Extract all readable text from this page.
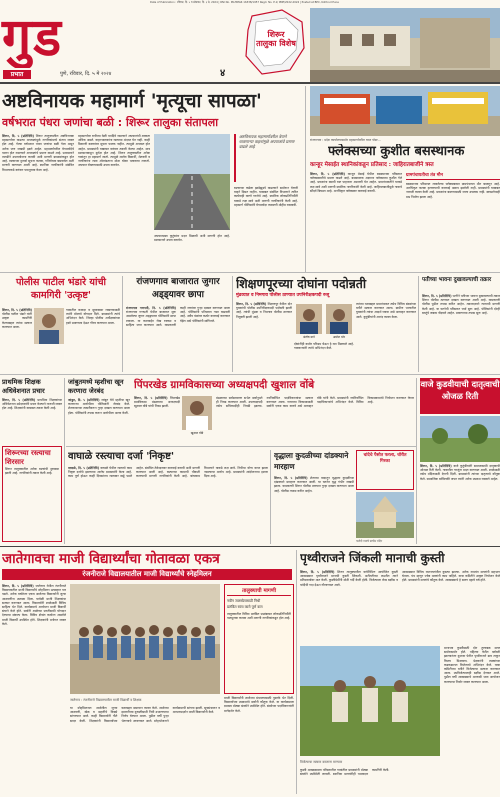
Date of Publication : रविवार, दि. ५ व सोमवार, दि. ६ मे, 2024 | RNI No. MAHMAR 16338/1957 Regd. No. P-1/ PNE/2022-2024 | Posted at BPC, Kothrud Pune
गुड
प्रभात	पुणे, रविवार, दि. ५ मे २०२४	४
शिरूर तालुका विशेष
अष्टविनायक महामार्ग 'मृत्यूचा सापळा'
वर्षभरात पंधरा जणांचा बळी : शिरूर तालुका संतापला
शिरूर, दि. ५ (प्रतिनिधि) शिरूर तालुक्यातील अष्टविनायक महामार्गावर वाढत्या अपघातांमुळे नागरिकांमध्ये संताप व्यक्त होत आहे. गेल्या वर्षभरात पंधरा जणांचा बळी गेला असून अनेक जण जखमी झाले आहेत. महामार्गावरील वेगमर्यादेचे पालन होत नसल्याने अपघातांचे प्रमाण वाढले आहे. प्रशासनाने तातडीने उपाययोजना करावी अशी मागणी ग्रामस्थांकडून होत आहे. रस्त्याच्या दुतर्फा सूचना फलक, गतिरोधक बसवावेत अशी मागणी करण्यात आली आहे. स्थानिक नागरिकांनी संबंधित विभागाकडे वारंवार पाठपुरावा केला आहे.
महामार्गावर रात्रीच्या वेळी पथदिवे नसल्याने अपघातांची शक्यता अधिक असते. वाहनचालकांना रस्त्याचा अंदाज येत नाही. काही ठिकाणी वळणांवर सूचना फलक नाहीत. त्यामुळे अपघात होत आहेत. ग्रामस्थांनी याबाबत वारंवार तक्रारी केल्या आहेत. मात्र प्रशासनाकडून दुर्लक्ष होत आहे. शिरूर तालुक्यातील अनेक गावांतून हा महामार्ग जातो. त्यामुळे शालेय विद्यार्थी, शेतकरी व नागरिकांना रस्ता ओलांडताना मोठा धोका पत्करावा लागतो. अपघात रोखण्यासाठी उपाय करावेत.
अष्टविनायक महामार्गावरील वेगाने धावणाऱ्या वाहनांमुळे अपघातांचे प्रमाण वाढले आहे
रस्त्याच्या कडेला झाडेझुडपे वाढल्याने समोरून येणारी वाहने दिसत नाहीत. याबाबत संबंधित विभागाने त्वरित कार्यवाही करणे गरजेचे आहे. स्थानिक लोकप्रतिनिधींनी याकडे लक्ष द्यावे अशी मागणी नागरिकांनी केली आहे. महामार्ग पोलिसांनी वेगमर्यादा तपासणी मोहीम राबवावी.
अपघातग्रस्त कुटुंबांना मदत मिळावी अशी मागणी होत आहे. प्रशासनाने उपाय करावेत.
रांजणगाव : प्रदेश कार्यालयासमोर महामार्गावरील ध्वज पोस्ट...
फ्लेक्सच्या कुशीत बसस्थानक
कान्हूर मेसाईत स्थानिकांकडून प्रतिसाद : जाहिरातबाजीने त्रस्त
शिरूर, दि. ५ (प्रतिनिधि) कान्हूर मेसाई येथील बसस्थानक परिसरात फ्लेक्सबाजीचे प्रमाण वाढले आहे. बसस्थानक अक्षरशः फ्लेक्सच्या कुशीत गेले आहे. प्रवाशांना बसची वाट पाहताना अडचणी येत आहेत. ग्रामपंचायतीने याकडे लक्ष द्यावे अशी मागणी स्थानिक नागरिकांनी केली आहे. जाहिरातबाजीमुळे गावाचे सौंदर्य बिघडत आहे. अनधिकृत फ्लेक्सवर कारवाई करावी.
ग्रामपंचायतीचा तंत्र मौन
बसस्थानक परिसरात लावलेल्या फ्लेक्सबाबत ग्रामपंचायत मौन बाळगून आहे. अनधिकृत फलक हटवण्याची कारवाई अद्याप झालेली नाही. ग्रामस्थांनी याबाबत नाराजी व्यक्त केली आहे. प्रवाशांना बसण्यासाठी जागा उपलब्ध नाही. स्वच्छतेचाही प्रश्न निर्माण झाला आहे.
पोलीस पाटील भंडारे यांची कामगिरी 'उत्कृष्ट'
शिरूर, दि. ५ (प्रतिनिधि) पोलीस पाटील भंडारे यांनी उत्कृष्ट कामगिरी केल्याबद्दल त्यांचा सत्कार करण्यात आला.
गावातील कायदा व सुव्यवस्था राखण्यासाठी त्यांनी मोलाचे योगदान दिले. ग्रामस्थांनी त्यांचे अभिनंदन केले. जिल्हा पोलीस अधीक्षकांच्या हस्ते प्रमाणपत्र देऊन गौरव करण्यात आला.
रांजणगाव बाजारात जुगार अड्ड्यावर छापा
रांजणगाव गणपती, दि. ५ (प्रतिनिधि) रांजणगाव गणपती येथील बाजारात सुरू असलेल्या जुगार अड्ड्यावर पोलिसांनी छापा टाकला. या कारवाईत रोख रक्कम व साहित्य जप्त करण्यात आले. याप्रकरणी काही जणांवर गुन्हा दाखल करण्यात आला आहे. पोलिसांनी परिसरात गस्त वाढवली आहे. अवैध धंद्यांवर कठोर कारवाई करण्यात येईल असे पोलिसांनी सांगितले.
शिक्षणपूरच्या दोघांना पदोन्नती
मुंढव्यात व निमगाव पोलीस ठाण्यात उपनिरीक्षकपदी रुजू
शिरूर, दि. ५ (प्रतिनिधि) शिक्षणपूर येथील दोन युवकांची पोलीस उपनिरीक्षकपदी पदोन्नती झाली आहे. त्यांची मुंढवा व निमगाव पोलीस ठाण्यात नियुक्ती झाली आहे.
संतोष माने	अमोल भोर
दोघांनीही कठोर परिश्रम घेऊन हे यश मिळवले आहे. गावकऱ्यांनी त्यांचे अभिनंदन केले.
त्यांच्या यशाबद्दल ग्रामपंचायत तसेच विविध संस्थांच्या वतीने सत्कार करण्यात आला. ग्रामीण भागातील युवकांनी त्यांचा आदर्श घ्यावा असे आवाहन करण्यात आले. कुटुंबीयांनी आनंद व्यक्त केला.
पतीच्या भावना दुखावल्याची तक्रार
शिरूर, दि. ५ (प्रतिनिधि) पत्नीने पतीच्या भावना दुखावल्याची तक्रार शिरूर पोलीस ठाण्यात दाखल करण्यात आली आहे. याप्रकरणी पोलीस पुढील तपास करीत आहेत. तक्रारदाराने न्यायाची मागणी केली आहे. या घटनेची परिसरात चर्चा सुरू आहे. पोलिसांनी दोन्ही बाजूंचे जबाब नोंदवले आहेत. प्रकरणाचा तपास सुरू आहे.
प्राथमिक शिक्षक अधिवेशनात प्रचार
शिरूर, दि. ५ (प्रतिनिधि) प्राथमिक शिक्षकांच्या अधिवेशनात उमेदवारांनी प्रचार केल्याने नाराजी व्यक्त होत आहे. शिक्षकांनी याबाबत तक्रार केली आहे.
शिरूरच्या रस्त्याचा शिरसार
शिरूर तालुक्यातील अनेक रस्त्यांची दुरवस्था झाली आहे. नागरिकांनी तक्रार केली आहे.
जांबुतमध्ये म्हशीचा खून करणारा जेरबंद
जांबुत, दि. ५ (प्रतिनिधि) जांबुत येथे म्हशीचा खून करणाऱ्या आरोपीला पोलिसांनी जेरबंद केले. शेतकऱ्याच्या तक्रारीवरून गुन्हा दाखल करण्यात आला होता. पोलिसांनी तपास करून आरोपीला अटक केली.
पिंपरखेड ग्रामविकासच्या अध्यक्षपदी खुशाल वोंबे
शिरूर, दि. ५ (प्रतिनिधि) पिंपरखेड ग्रामविकास मंडळाच्या अध्यक्षपदी खुशाल वोंबे यांची निवड झाली.
खुशाल वोंबे
मंडळाच्या सर्वसाधारण सभेत सर्वानुमते ही निवड करण्यात आली. उपाध्यक्षपदी तसेच सचिवपदीही निवडी झाल्या. नवनिर्वाचित पदाधिकाऱ्यांचा सत्कार करण्यात आला. गावाच्या विकासासाठी सर्वांनी एकत्र काम करावे असे आवाहन वोंबे यांनी केले. ग्रामस्थांनी नवनिर्वाचित पदाधिकाऱ्यांचे अभिनंदन केले. विविध विकासकामांचे नियोजन करण्यात येणार आहे.
वाजे कुडवीयाची दातृत्वाची ओजळ रिती
शिरूर, दि. ५ (प्रतिनिधि) वाजे कुटुंबीयांनी समाजासाठी दातृत्वाची ओजळ रिती केली. गावातील गरजूंना मदत करण्यात आली. शाळेसाठी तसेच मंदिरासाठी देणगी दिली. ग्रामस्थांनी त्यांच्या दातृत्वाचे कौतुक केले. सामाजिक बांधिलकी जपत त्यांनी अनेक उपक्रम राबवले आहेत.
वाघाळे रस्त्याचा दर्जा 'निकृष्ट'
वाघाळे, दि. ५ (प्रतिनिधि) वाघाळे येथील रस्त्याचे काम निकृष्ट दर्जाचे झाल्याचा आरोप ग्रामस्थांनी केला आहे. काम पूर्ण होऊन काही दिवसांतच रस्त्यावर खड्डे पडले आहेत. संबंधित ठेकेदारावर कारवाई करावी अशी मागणी करण्यात आली आहे. रस्त्याच्या कामाची चौकशी करण्याची मागणी नागरिकांनी केली आहे. बांधकाम विभागाने याकडे लक्ष द्यावे. निधीचा योग्य वापर झाला नसल्याचा आरोप आहे. ग्रामस्थांनी आंदोलनाचा इशारा दिला आहे.
वृद्धाला कुदळीच्या दांडक्याने मारहाण
शिरूर, दि. ५ (प्रतिनिधि) शेताच्या वादातून वृद्धाला कुदळीच्या दांडक्याने मारहाण करण्यात आली. या घटनेत वृद्ध गंभीर जखमी झाला. याप्रकरणी शिरूर पोलीस ठाण्यात गुन्हा दाखल करण्यात आला आहे. पोलीस तपास करीत आहेत.
चांदेचे पैसोत फरला, चोरीत गिरका
पारोदी गावचे प्राचीन मंदिर
जातेगावचा माजी विद्यार्थ्यांचा गोतावळा एकत्र
रंजनीराजे विद्यालयातील माजी विद्यार्थ्यांचे स्नेहमिलन
शिरूर, दि. ५ (प्रतिनिधि) जातेगाव येथील रंजनीराजे विद्यालयातील माजी विद्यार्थ्यांचे स्नेहमिलन उत्साहात पार पडले. अनेक वर्षांनंतर एकत्र आलेल्या विद्यार्थ्यांनी जुन्या आठवणींना उजाळा दिला. यावेळी माजी शिक्षकांचा सत्कार करण्यात आला. विद्यार्थ्यांनी शाळेसाठी विविध साहित्य भेट दिले. कार्यक्रमाचे आयोजन माजी विद्यार्थी संघाने केले होते. सर्वांनी शाळेच्या प्रगतीसाठी योगदान देण्याचा संकल्प केला. विविध क्षेत्रांत कार्यरत असलेले माजी विद्यार्थी उपस्थित होते. शिक्षकांनी मनोगत व्यक्त केले.
जातेगाव : रंजनीराजे विद्यालयातील माजी विद्यार्थी व शिक्षक
या स्नेहमिलनात शाळेतील जुन्या आठवणी, खेळ व सहलींचे किस्से सांगण्यात आले. काही विद्यार्थ्यांनी गीते सादर केली. शिक्षकांनी विद्यार्थ्यांच्या यशाबद्दल समाधान व्यक्त केले. शाळेच्या इमारतीच्या दुरुस्तीसाठी निधी उभारण्याचा निर्णय घेण्यात आला. पुढील वर्षी पुन्हा भेटण्याचे ठरवण्यात आले. स्नेहभोजनाने कार्यक्रमाची सांगता झाली. सूत्रसंचालन व आभारप्रदर्शन माजी विद्यार्थ्यांनी केले.
तालुक्याची मागणी
नवीन जलस्रोतासाठी निधी
प्रलंबित रस्ता कामे पूर्ण करा
तालुक्यातील विविध प्रलंबित प्रश्नांबाबत लोकप्रतिनिधींनी पाठपुरावा करावा अशी मागणी नागरिकांकडून होत आहे.
माजी विद्यार्थ्यांनी शाळेच्या ग्रंथालयासाठी पुस्तके भेट दिली. विद्यार्थ्यांच्या उपक्रमांचे सर्वांनी कौतुक केले. या कार्यक्रमाला ग्रामस्थ मोठ्या संख्येने उपस्थित होते. संस्थेच्या पदाधिकाऱ्यांनी मार्गदर्शन केले.
पृथ्वीराजने जिंकली मानाची कुस्ती
शिरूर, दि. ५ (प्रतिनिधि) शिरूर तालुक्यातील यात्रेनिमित्त आयोजित कुस्ती आखाड्यात पृथ्वीराजने मानाची कुस्ती जिंकली. अटीतटीच्या लढतीत त्याने प्रतिस्पर्ध्यावर मात केली. कुस्तीप्रेमींनी मोठी गर्दी केली होती. विजेत्याला रोख बक्षीस व चांदीची गदा देऊन गौरवण्यात आले.
आखाड्यात विविध वजनगटांतील कुस्त्या झाल्या. अनेक नामवंत मल्लांनी सहभाग घेतला. पंच म्हणून ज्येष्ठ मल्लांनी काम पाहिले. यात्रा कमिटीने उत्कृष्ट नियोजन केले होते. ग्रामस्थांनी मल्लांचे कौतुक केले. आखाड्याचे हे सलग दहावे वर्ष होते.
विजेत्याचा सत्कार करताना मान्यवर
मानाच्या कुस्तीसाठी दोन तुल्यबळ मल्ल समोरासमोर होते. पहिल्या फेरीत बरोबरी झाल्यानंतर दुसऱ्या फेरीत पृथ्वीराजने डाव टाकून विजय मिळवला. प्रेक्षकांनी टाळ्यांच्या कडकडाटात विजेत्याचे अभिनंदन केले. यात्रा कमिटीच्या वतीने विजेत्याचा सत्कार करण्यात आला. उपविजेत्यालाही बक्षीस देण्यात आले. पुढील वर्षी आखाड्याचे आणखी भव्य आयोजन करण्याचा निर्धार व्यक्त करण्यात आला.
कुस्ती आखाड्याला परिसरातील गावांतील ग्रामस्थांनी मोठ्या संख्येने उपस्थिती लावली. स्थानिक मल्लांनीही चमकदार कामगिरी केली.
